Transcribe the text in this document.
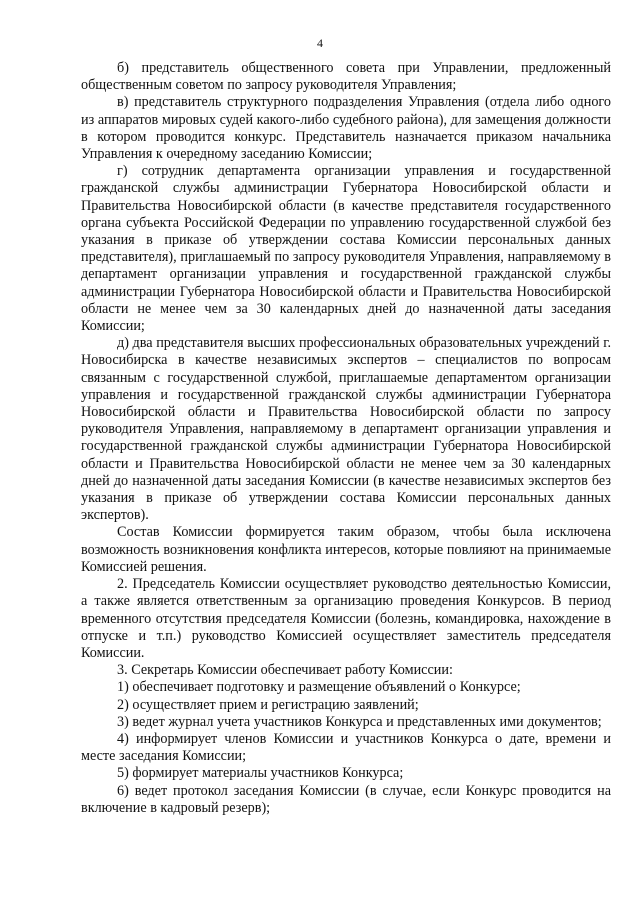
4

б) представитель общественного совета при Управлении, предложенный общественным советом по запросу руководителя Управления;

в) представитель структурного подразделения Управления (отдела либо одного из аппаратов мировых судей какого-либо судебного района), для замещения должности в котором проводится конкурс. Представитель назначается приказом начальника Управления к очередному заседанию Комиссии;

г) сотрудник департамента организации управления и государственной гражданской службы администрации Губернатора Новосибирской области и Правительства Новосибирской области (в качестве представителя государственного органа субъекта Российской Федерации по управлению государственной службой без указания в приказе об утверждении состава Комиссии персональных данных представителя), приглашаемый по запросу руководителя Управления, направляемому в департамент организации управления и государственной гражданской службы администрации Губернатора Новосибирской области и Правительства Новосибирской области не менее чем за 30 календарных дней до назначенной даты заседания Комиссии;

д) два представителя высших профессиональных образовательных учреждений г. Новосибирска в качестве независимых экспертов – специалистов по вопросам связанным с государственной службой, приглашаемые департаментом организации управления и государственной гражданской службы администрации Губернатора Новосибирской области и Правительства Новосибирской области по запросу руководителя Управления, направляемому в департамент организации управления и государственной гражданской службы администрации Губернатора Новосибирской области и Правительства Новосибирской области не менее чем за 30 календарных дней до назначенной даты заседания Комиссии (в качестве независимых экспертов без указания в приказе об утверждении состава Комиссии персональных данных экспертов).

Состав Комиссии формируется таким образом, чтобы была исключена возможность возникновения конфликта интересов, которые повлияют на принимаемые Комиссией решения.

2. Председатель Комиссии осуществляет руководство деятельностью Комиссии, а также является ответственным за организацию проведения Конкурсов. В период временного отсутствия председателя Комиссии (болезнь, командировка, нахождение в отпуске и т.п.) руководство Комиссией осуществляет заместитель председателя Комиссии.

3. Секретарь Комиссии обеспечивает работу Комиссии:

1) обеспечивает подготовку и размещение объявлений о Конкурсе;

2) осуществляет прием и регистрацию заявлений;

3) ведет журнал учета участников Конкурса и представленных ими документов;

4) информирует членов Комиссии и участников Конкурса о дате, времени и месте заседания Комиссии;

5) формирует материалы участников Конкурса;

6) ведет протокол заседания Комиссии (в случае, если Конкурс проводится на включение в кадровый резерв);
